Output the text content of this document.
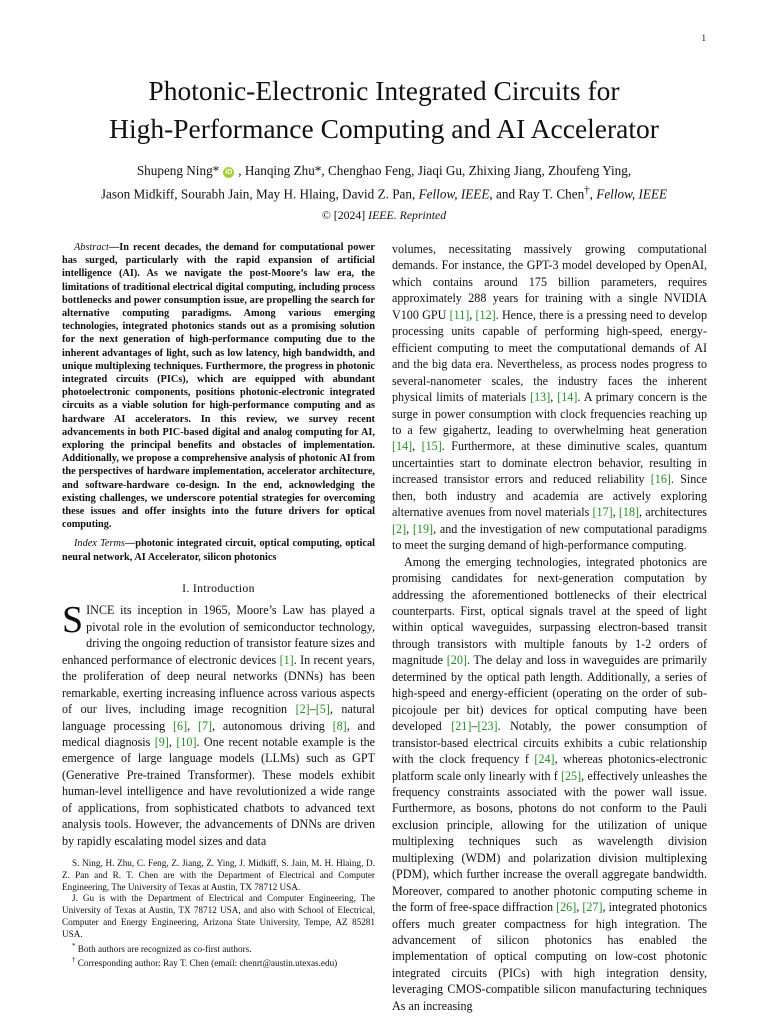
1
Photonic-Electronic Integrated Circuits for
High-Performance Computing and AI Accelerator
Shupeng Ning* iD , Hanqing Zhu*, Chenghao Feng, Jiaqi Gu, Zhixing Jiang, Zhoufeng Ying,
Jason Midkiff, Sourabh Jain, May H. Hlaing, David Z. Pan, Fellow, IEEE, and Ray T. Chen†, Fellow, IEEE
© [2024] IEEE. Reprinted

Abstract—In recent decades, the demand for computational power has surged, particularly with the rapid expansion of artificial intelligence (AI). As we navigate the post-Moore’s law era, the limitations of traditional electrical digital computing, including process bottlenecks and power consumption issue, are propelling the search for alternative computing paradigms. Among various emerging technologies, integrated photonics stands out as a promising solution for the next generation of high-performance computing due to the inherent advantages of light, such as low latency, high bandwidth, and unique multiplexing techniques. Furthermore, the progress in photonic integrated circuits (PICs), which are equipped with abundant photoelectronic components, positions photonic-electronic integrated circuits as a viable solution for high-performance computing and as hardware AI accelerators. In this review, we survey recent advancements in both PIC-based digital and analog computing for AI, exploring the principal benefits and obstacles of implementation. Additionally, we propose a comprehensive analysis of photonic AI from the perspectives of hardware implementation, accelerator architecture, and software-hardware co-design. In the end, acknowledging the existing challenges, we underscore potential strategies for overcoming these issues and offer insights into the future drivers for optical computing.

Index Terms—photonic integrated circuit, optical computing, optical neural network, AI Accelerator, silicon photonics

I. Introduction

SINCE its inception in 1965, Moore’s Law has played a pivotal role in the evolution of semiconductor technology, driving the ongoing reduction of transistor feature sizes and enhanced performance of electronic devices [1]. In recent years, the proliferation of deep neural networks (DNNs) has been remarkable, exerting increasing influence across various aspects of our lives, including image recognition [2]–[5], natural language processing [6], [7], autonomous driving [8], and medical diagnosis [9], [10]. One recent notable example is the emergence of large language models (LLMs) such as GPT (Generative Pre-trained Transformer). These models exhibit human-level intelligence and have revolutionized a wide range of applications, from sophisticated chatbots to advanced text analysis tools. However, the advancements of DNNs are driven by rapidly escalating model sizes and data

S. Ning, H. Zhu, C. Feng, Z. Jiang, Z. Ying, J. Midkiff, S. Jain, M. H. Hlaing, D. Z. Pan and R. T. Chen are with the Department of Electrical and Computer Engineering, The University of Texas at Austin, TX 78712 USA.

J. Gu is with the Department of Electrical and Computer Engineering, The University of Texas at Austin, TX 78712 USA, and also with School of Electrical, Computer and Energy Engineering, Arizona State University, Tempe, AZ 85281 USA.

* Both authors are recognized as co-first authors.

† Corresponding author: Ray T. Chen (email: chenrt@austin.utexas.edu)

volumes, necessitating massively growing computational demands. For instance, the GPT-3 model developed by OpenAI, which contains around 175 billion parameters, requires approximately 288 years for training with a single NVIDIA V100 GPU [11], [12]. Hence, there is a pressing need to develop processing units capable of performing high-speed, energy-efficient computing to meet the computational demands of AI and the big data era. Nevertheless, as process nodes progress to several-nanometer scales, the industry faces the inherent physical limits of materials [13], [14]. A primary concern is the surge in power consumption with clock frequencies reaching up to a few gigahertz, leading to overwhelming heat generation [14], [15]. Furthermore, at these diminutive scales, quantum uncertainties start to dominate electron behavior, resulting in increased transistor errors and reduced reliability [16]. Since then, both industry and academia are actively exploring alternative avenues from novel materials [17], [18], architectures [2], [19], and the investigation of new computational paradigms to meet the surging demand of high-performance computing.

Among the emerging technologies, integrated photonics are promising candidates for next-generation computation by addressing the aforementioned bottlenecks of their electrical counterparts. First, optical signals travel at the speed of light within optical waveguides, surpassing electron-based transit through transistors with multiple fanouts by 1-2 orders of magnitude [20]. The delay and loss in waveguides are primarily determined by the optical path length. Additionally, a series of high-speed and energy-efficient (operating on the order of sub-picojoule per bit) devices for optical computing have been developed [21]–[23]. Notably, the power consumption of transistor-based electrical circuits exhibits a cubic relationship with the clock frequency f [24], whereas photonics-electronic platform scale only linearly with f [25], effectively unleashes the frequency constraints associated with the power wall issue. Furthermore, as bosons, photons do not conform to the Pauli exclusion principle, allowing for the utilization of unique multiplexing techniques such as wavelength division multiplexing (WDM) and polarization division multiplexing (PDM), which further increase the overall aggregate bandwidth. Moreover, compared to another photonic computing scheme in the form of free-space diffraction [26], [27], integrated photonics offers much greater compactness for high integration. The advancement of silicon photonics has enabled the implementation of optical computing on low-cost photonic integrated circuits (PICs) with high integration density, leveraging CMOS-compatible silicon manufacturing techniques As an increasing
